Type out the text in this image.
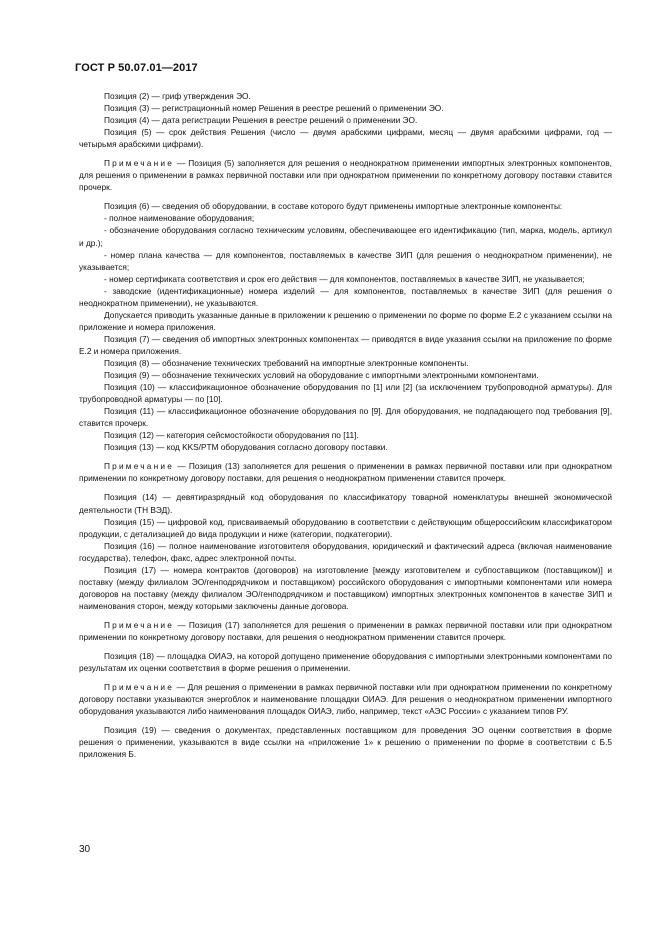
ГОСТ Р 50.07.01—2017

Позиция (2) — гриф утверждения ЭО.

Позиция (3) — регистрационный номер Решения в реестре решений о применении ЭО.

Позиция (4) — дата регистрации Решения в реестре решений о применении ЭО.

Позиция (5) — срок действия Решения (число — двумя арабскими цифрами, месяц — двумя арабскими цифрами, год — четырьмя арабскими цифрами).

Примечание — Позиция (5) заполняется для решения о неоднократном применении импортных электронных компонентов, для решения о применении в рамках первичной поставки или при однократном применении по конкретному договору поставки ставится прочерк.

Позиция (6) — сведения об оборудовании, в составе которого будут применены импортные электронные компоненты:

- полное наименование оборудования;

- обозначение оборудования согласно техническим условиям, обеспечивающее его идентификацию (тип, марка, модель, артикул и др.);

- номер плана качества — для компонентов, поставляемых в качестве ЗИП (для решения о неоднократном применении), не указывается;

- номер сертификата соответствия и срок его действия — для компонентов, поставляемых в качестве ЗИП, не указывается;

- заводские (идентификационные) номера изделий — для компонентов, поставляемых в качестве ЗИП (для решения о неоднократном применении), не указываются.

Допускается приводить указанные данные в приложении к решению о применении по форме по форме Е.2 с указанием ссылки на приложение и номера приложения.

Позиция (7) — сведения об импортных электронных компонентах — приводятся в виде указания ссылки на приложение по форме Е.2 и номера приложения.

Позиция (8) — обозначение технических требований на импортные электронные компоненты.

Позиция (9) — обозначение технических условий на оборудование с импортными электронными компонентами.

Позиция (10) — классификационное обозначение оборудования по [1] или [2] (за исключением трубопроводной арматуры). Для трубопроводной арматуры — по [10].

Позиция (11) — классификационное обозначение оборудования по [9]. Для оборудования, не подпадающего под требования [9], ставится прочерк.

Позиция (12) — категория сейсмостойкости оборудования по [11].

Позиция (13) — код KKS/PTM оборудования согласно договору поставки.

Примечание — Позиция (13) заполняется для решения о применении в рамках первичной поставки или при однократном применении по конкретному договору поставки, для решения о неоднократном применении ставится прочерк.

Позиция (14) — девятиразрядный код оборудования по классификатору товарной номенклатуры внешней экономической деятельности (ТН ВЭД).

Позиция (15) — цифровой код, присваиваемый оборудованию в соответствии с действующим общероссийским классификатором продукции, с детализацией до вида продукции и ниже (категории, подкатегории).

Позиция (16) — полное наименование изготовителя оборудования, юридический и фактический адреса (включая наименование государства), телефон, факс, адрес электронной почты.

Позиция (17) — номера контрактов (договоров) на изготовление [между изготовителем и субпоставщиком (поставщиком)] и поставку (между филиалом ЭО/генподрядчиком и поставщиком) российского оборудования с импортными компонентами или номера договоров на поставку (между филиалом ЭО/генподрядчиком и поставщиком) импортных электронных компонентов в качестве ЗИП и наименования сторон, между которыми заключены данные договора.

Примечание — Позиция (17) заполняется для решения о применении в рамках первичной поставки или при однократном применении по конкретному договору поставки, для решения о неоднократном применении ставится прочерк.

Позиция (18) — площадка ОИАЭ, на которой допущено применение оборудования с импортными электронными компонентами по результатам их оценки соответствия в форме решения о применении.

Примечание — Для решения о применении в рамках первичной поставки или при однократном применении по конкретному договору поставки указываются энергоблок и наименование площадки ОИАЭ. Для решения о неоднократном применении импортного оборудования указываются либо наименования площадок ОИАЭ, либо, например, текст «АЭС России» с указанием типов РУ.

Позиция (19) — сведения о документах, представленных поставщиком для проведения ЭО оценки соответствия в форме решения о применении, указываются в виде ссылки на «приложение 1» к решению о применении по форме в соответствии с Б.5 приложения Б.

30
